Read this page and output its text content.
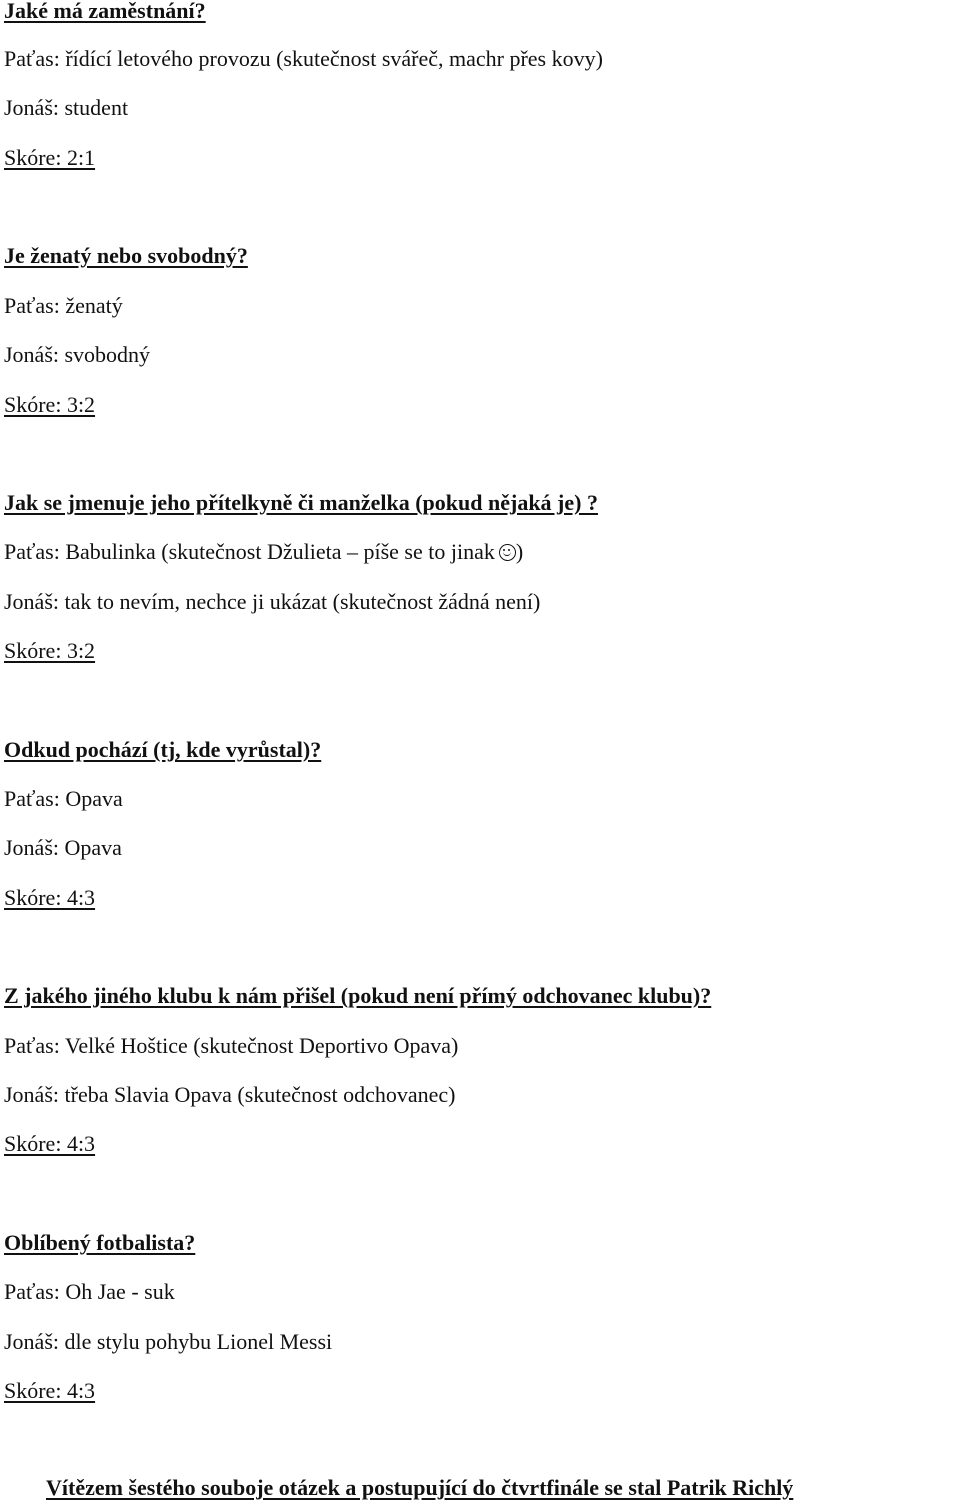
Jaké má zaměstnání?
Paťas: řídící letového provozu (skutečnost svářeč, machr přes kovy)
Jonáš: student
Skóre: 2:1
Je ženatý nebo svobodný?
Paťas: ženatý
Jonáš: svobodný
Skóre: 3:2
Jak se jmenuje jeho přítelkyně či manželka (pokud nějaká je) ?
Paťas: Babulinka (skutečnost Džulieta – píše se to jinak )
Jonáš: tak to nevím, nechce ji ukázat (skutečnost žádná není)
Skóre: 3:2
Odkud pochází (tj, kde vyrůstal)?
Paťas: Opava
Jonáš: Opava
Skóre: 4:3
Z jakého jiného klubu k nám přišel (pokud není přímý odchovanec klubu)?
Paťas: Velké Hoštice (skutečnost Deportivo Opava)
Jonáš: třeba Slavia Opava (skutečnost odchovanec)
Skóre: 4:3
Oblíbený fotbalista?
Paťas: Oh Jae - suk
Jonáš: dle stylu pohybu Lionel Messi
Skóre: 4:3
Vítězem šestého souboje otázek a postupující do čtvrtfinále se stal Patrik Richlý
